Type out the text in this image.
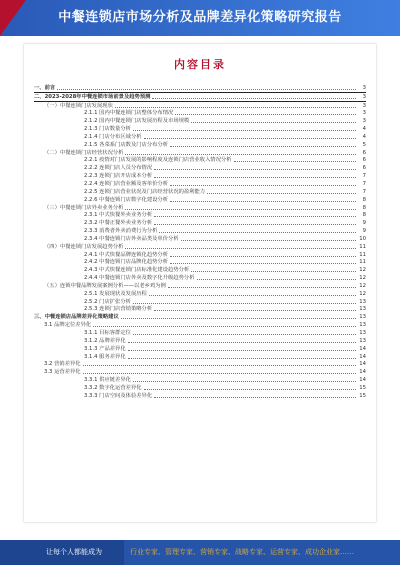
中餐连锁店市场分析及品牌差异化策略研究报告
内容目录
一、前言	3
二、2023-2028年中餐连锁市场前景及趋势预测	3
（一）中餐连锁门店发展现状	3
2.1.1 国内中餐连锁门店整体分布情况	3
2.1.2 国内中餐连锁门店发展历程及市场规模	3
2.1.3 门店数量分析	4
2.1.4 门店分布区域分析	4
2.1.5 各菜系门店数及门店分布分析	5
（二）中餐连锁门店经营状况分析	6
2.2.1 疫情对门店发展的影响程度及连锁门店营业收入情况分析	6
2.2.2 连锁门店人员分布情况	6
2.2.3 连锁门店开店成本分析	7
2.2.4 连锁门店营业额及客单价分析	7
2.2.5 连锁门店营业状况及门店经营状况的盈利能力	7
2.2.6 中餐连锁门店数字化建设分析	8
（三）中餐连锁门店外卖业务分析	8
2.3.1 中式快餐外卖业务分析	8
2.3.2 中餐正餐外卖业务分析	9
2.3.3 消费者外卖消费行为分析	9
2.3.4 中餐连锁门店外卖品类及单价分析	10
（四）中餐连锁门店发展趋势分析	11
2.4.1 中式快餐品牌连锁化趋势分析	11
2.4.2 中餐连锁门店品牌化趋势分析	11
2.4.3 中式快餐连锁门店标准化建设趋势分析	12
2.4.4 中餐连锁门店外卖及数字化升级趋势分析	12
（五）连锁中餐品牌发展案例分析——以老乡鸡为例	12
2.5.1 发展现状及发展历程	12
2.5.2 门店扩张分析	13
2.5.3 连锁门店营销策略分析	13
三、中餐连锁店品牌差异化策略建议	13
3.1 品牌定位差异化	13
3.1.1 目标客群定位	13
3.1.2 品牌差异化	13
3.1.3 产品差异化	14
3.1.4 服务差异化	14
3.2 营销差异化	14
3.3 运营差异化	14
3.3.1 供应链差异化	14
3.3.2 数字化运营差异化	15
3.3.3 门店空间及体验差异化	15
让每个人都能成为	行业专家、管理专家、营销专家、战略专家、运营专家、成功企业家……
